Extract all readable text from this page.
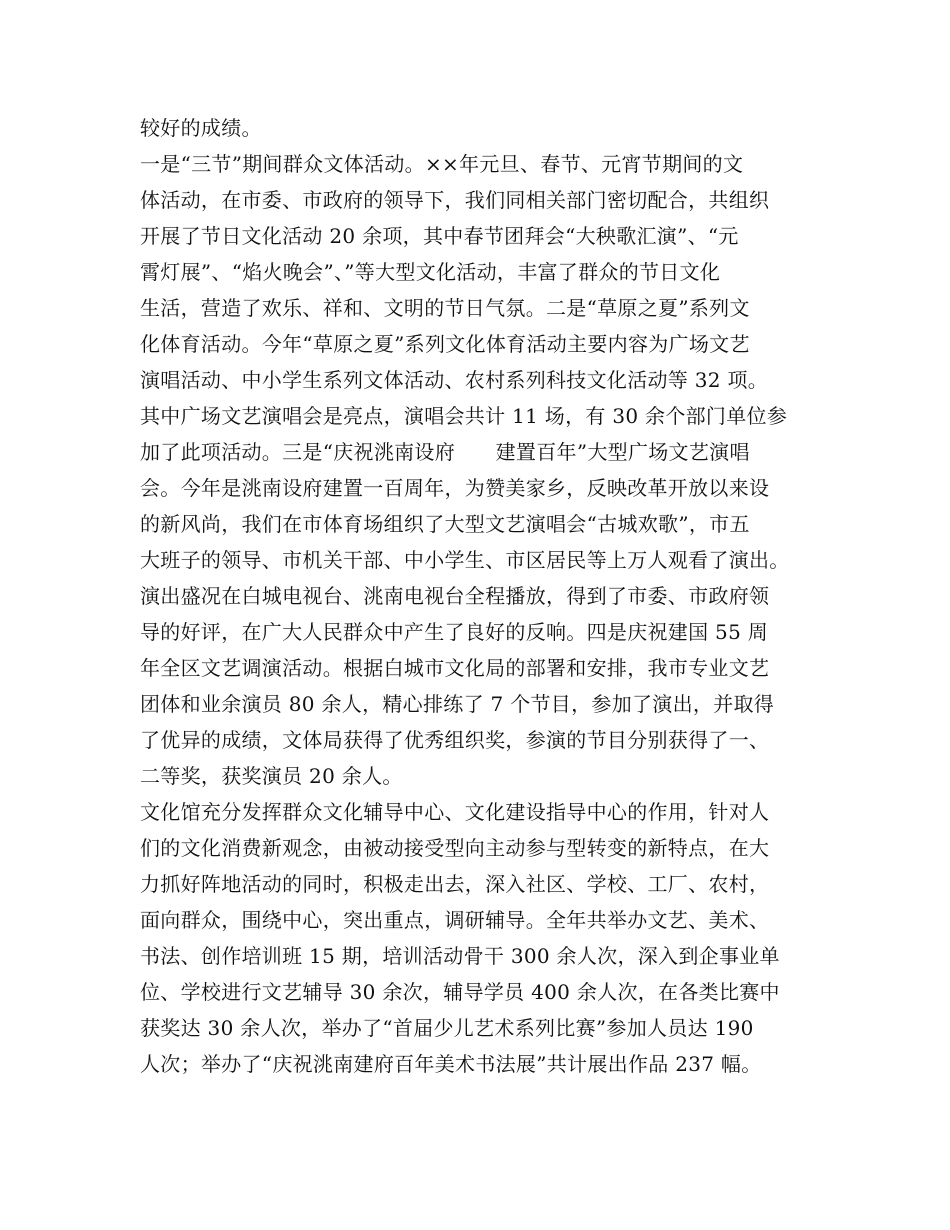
较好的成绩。
一是“三节”期间群众文体活动。××年元旦、春节、元宵节期间的文
体活动，在市委、市政府的领导下，我们同相关部门密切配合，共组织
开展了节日文化活动 20 余项，其中春节团拜会“大秧歌汇演”、“元
霄灯展”、“焰火晚会”、”等大型文化活动，丰富了群众的节日文化
生活，营造了欢乐、祥和、文明的节日气氛。二是“草原之夏”系列文
化体育活动。今年“草原之夏”系列文化体育活动主要内容为广场文艺
演唱活动、中小学生系列文体活动、农村系列科技文化活动等 32 项。
其中广场文艺演唱会是亮点，演唱会共计 11 场，有 30 余个部门单位参
加了此项活动。三是“庆祝洮南设府　　建置百年”大型广场文艺演唱
会。今年是洮南设府建置一百周年，为赞美家乡，反映改革开放以来设
的新风尚，我们在市体育场组织了大型文艺演唱会“古城欢歌”，市五
大班子的领导、市机关干部、中小学生、市区居民等上万人观看了演出。
演出盛况在白城电视台、洮南电视台全程播放，得到了市委、市政府领
导的好评，在广大人民群众中产生了良好的反响。四是庆祝建国 55 周
年全区文艺调演活动。根据白城市文化局的部署和安排，我市专业文艺
团体和业余演员 80 余人，精心排练了 7 个节目，参加了演出，并取得
了优异的成绩，文体局获得了优秀组织奖，参演的节目分别获得了一、
二等奖，获奖演员 20 余人。
文化馆充分发挥群众文化辅导中心、文化建设指导中心的作用，针对人
们的文化消费新观念，由被动接受型向主动参与型转变的新特点，在大
力抓好阵地活动的同时，积极走出去，深入社区、学校、工厂、农村，
面向群众，围绕中心，突出重点，调研辅导。全年共举办文艺、美术、
书法、创作培训班 15 期，培训活动骨干 300 余人次，深入到企事业单
位、学校进行文艺辅导 30 余次，辅导学员 400 余人次，在各类比赛中
获奖达 30 余人次，举办了“首届少儿艺术系列比赛”参加人员达 190
人次；举办了“庆祝洮南建府百年美术书法展”共计展出作品 237 幅。
